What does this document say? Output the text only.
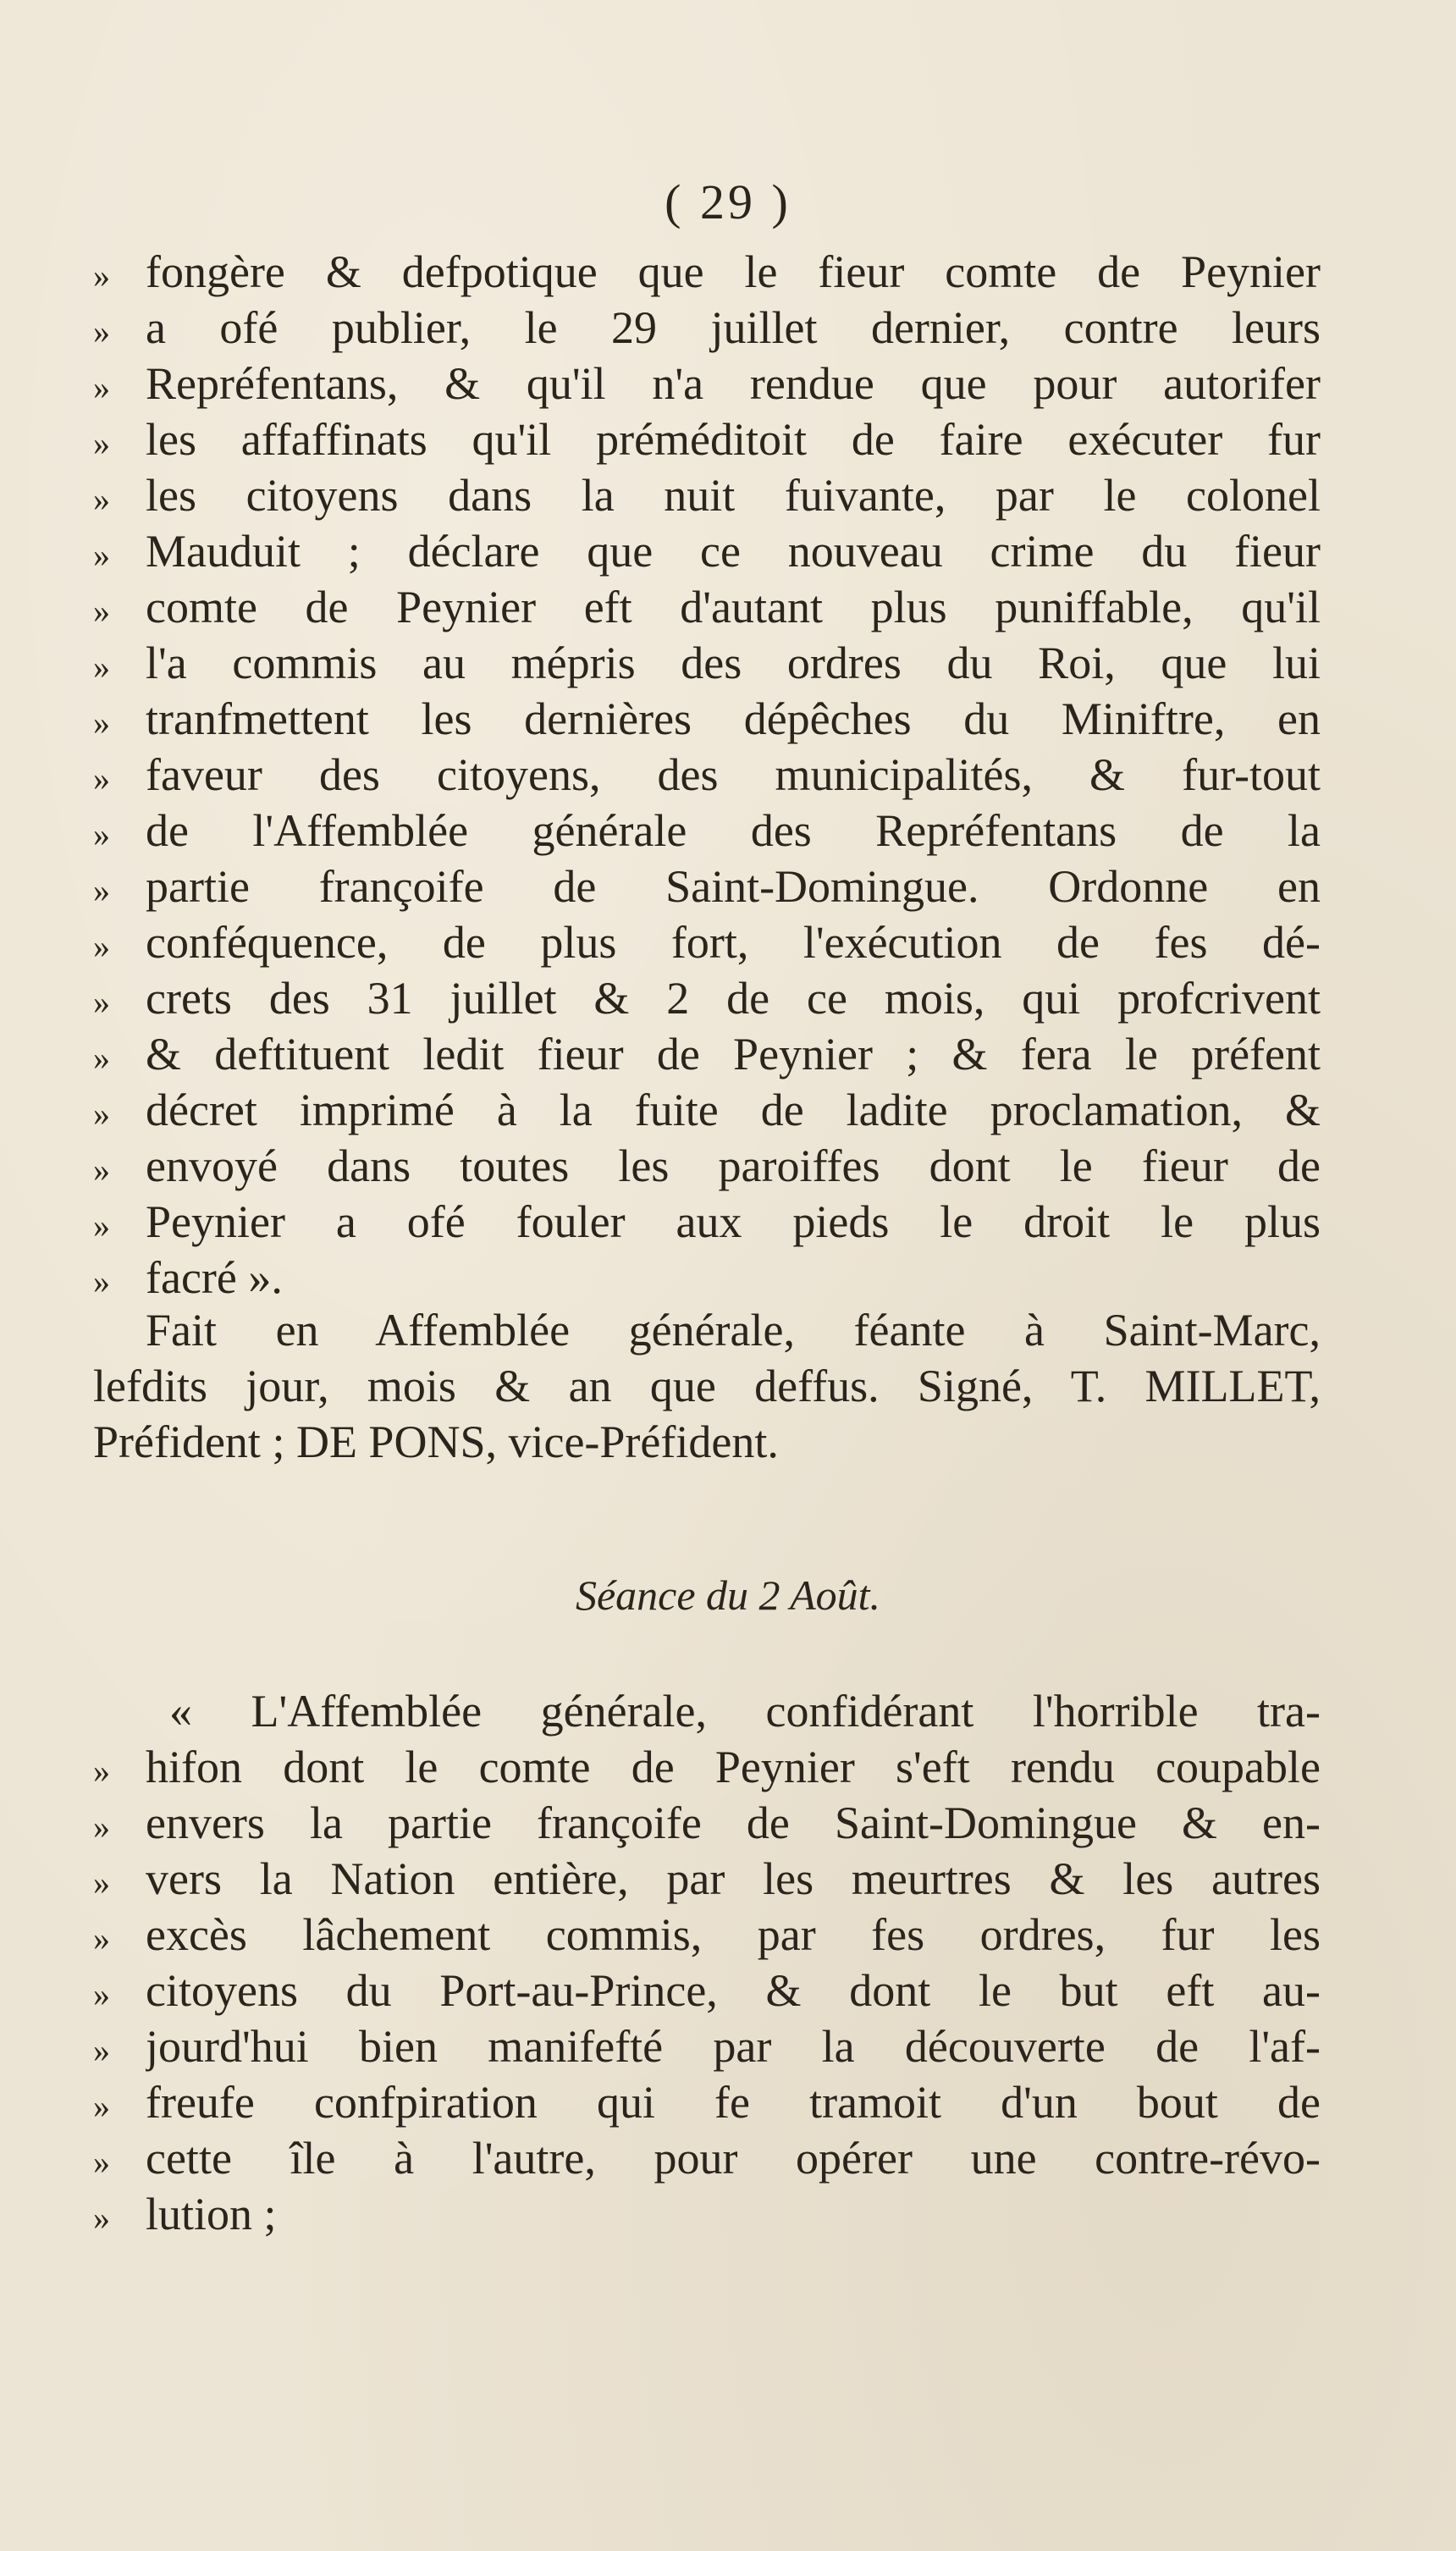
( 29 )
» fongère & defpotique que le fieur comte de Peynier
» a ofé publier, le 29 juillet dernier, contre leurs
» Repréfentans, & qu'il n'a rendue que pour autorifer
» les affaffinats qu'il préméditoit de faire exécuter fur
» les citoyens dans la nuit fuivante, par le colonel
» Mauduit ; déclare que ce nouveau crime du fieur
» comte de Peynier eft d'autant plus puniffable, qu'il
» l'a commis au mépris des ordres du Roi, que lui
» tranfmettent les dernières dépêches du Miniftre, en
» faveur des citoyens, des municipalités, & fur-tout
» de l'Affemblée générale des Repréfentans de la
» partie françoife de Saint-Domingue. Ordonne en
» conféquence, de plus fort, l'exécution de fes dé-
» crets des 31 juillet & 2 de ce mois, qui profcrivent
» & deftituent ledit fieur de Peynier ; & fera le préfent
» décret imprimé à la fuite de ladite proclamation, &
» envoyé dans toutes les paroiffes dont le fieur de
» Peynier a ofé fouler aux pieds le droit le plus
» facré ».
Fait en Affemblée générale, féante à Saint-Marc,
lefdits jour, mois & an que deffus. Signé, T. MILLET,
Préfident ; DE PONS, vice-Préfident.
Séance du 2 Août.
« L'Affemblée générale, confidérant l'horrible tra-
» hifon dont le comte de Peynier s'eft rendu coupable
» envers la partie françoife de Saint-Domingue & en-
» vers la Nation entière, par les meurtres & les autres
» excès lâchement commis, par fes ordres, fur les
» citoyens du Port-au-Prince, & dont le but eft au-
» jourd'hui bien manifefté par la découverte de l'af-
» freufe confpiration qui fe tramoit d'un bout de
» cette île à l'autre, pour opérer une contre-révo-
» lution ;
